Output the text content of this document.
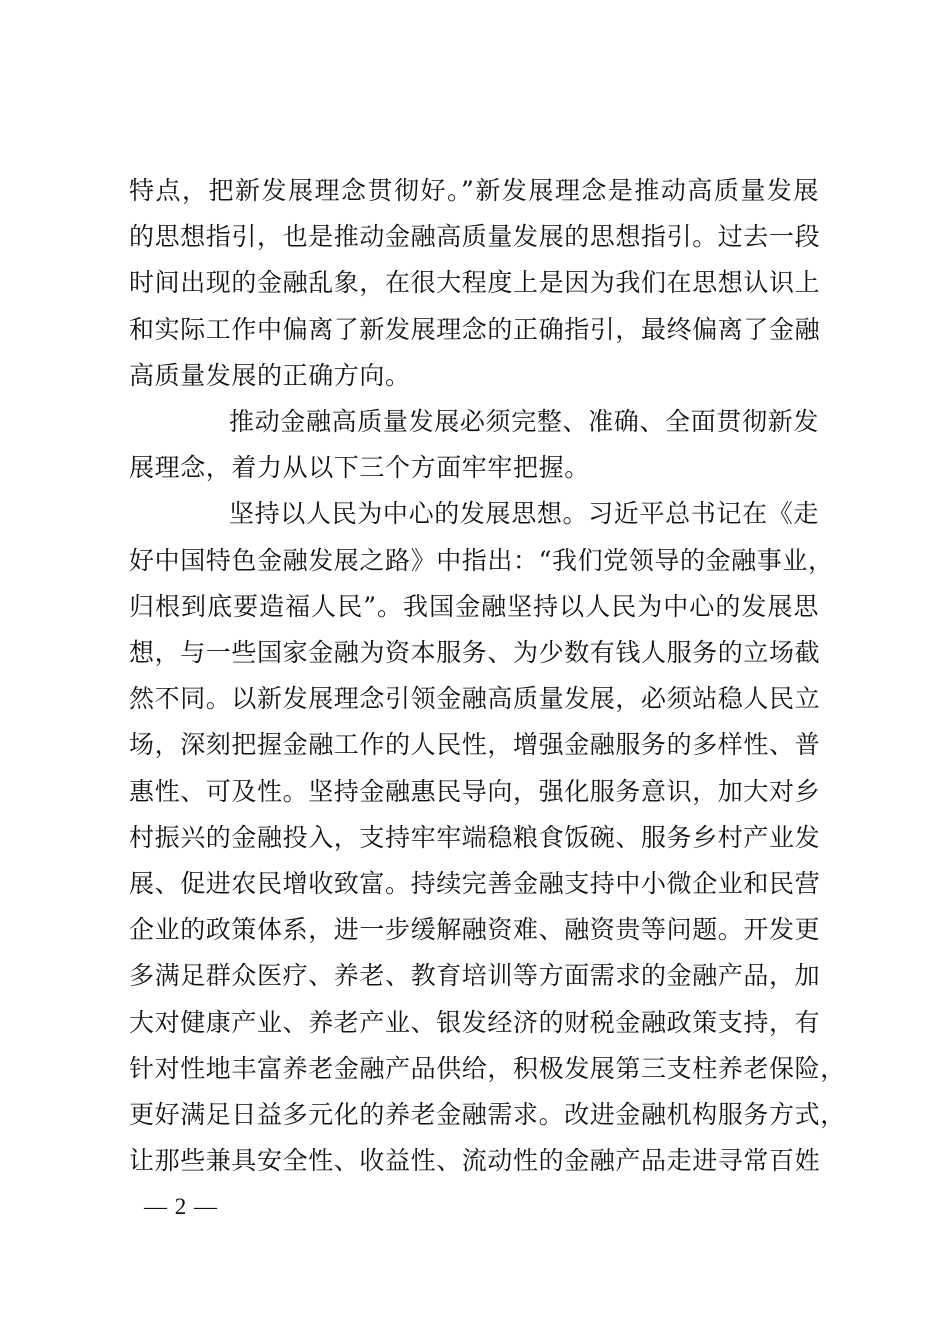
特点，把新发展理念贯彻好。”新发展理念是推动高质量发展
的思想指引，也是推动金融高质量发展的思想指引。过去一段
时间出现的金融乱象，在很大程度上是因为我们在思想认识上
和实际工作中偏离了新发展理念的正确指引，最终偏离了金融
高质量发展的正确方向。
推动金融高质量发展必须完整、准确、全面贯彻新发
展理念，着力从以下三个方面牢牢把握。
坚持以人民为中心的发展思想。习近平总书记在《走
好中国特色金融发展之路》中指出：“我们党领导的金融事业，
归根到底要造福人民”。我国金融坚持以人民为中心的发展思
想，与一些国家金融为资本服务、为少数有钱人服务的立场截
然不同。以新发展理念引领金融高质量发展，必须站稳人民立
场，深刻把握金融工作的人民性，增强金融服务的多样性、普
惠性、可及性。坚持金融惠民导向，强化服务意识，加大对乡
村振兴的金融投入，支持牢牢端稳粮食饭碗、服务乡村产业发
展、促进农民增收致富。持续完善金融支持中小微企业和民营
企业的政策体系，进一步缓解融资难、融资贵等问题。开发更
多满足群众医疗、养老、教育培训等方面需求的金融产品，加
大对健康产业、养老产业、银发经济的财税金融政策支持，有
针对性地丰富养老金融产品供给，积极发展第三支柱养老保险，
更好满足日益多元化的养老金融需求。改进金融机构服务方式，
让那些兼具安全性、收益性、流动性的金融产品走进寻常百姓
— 2 —
